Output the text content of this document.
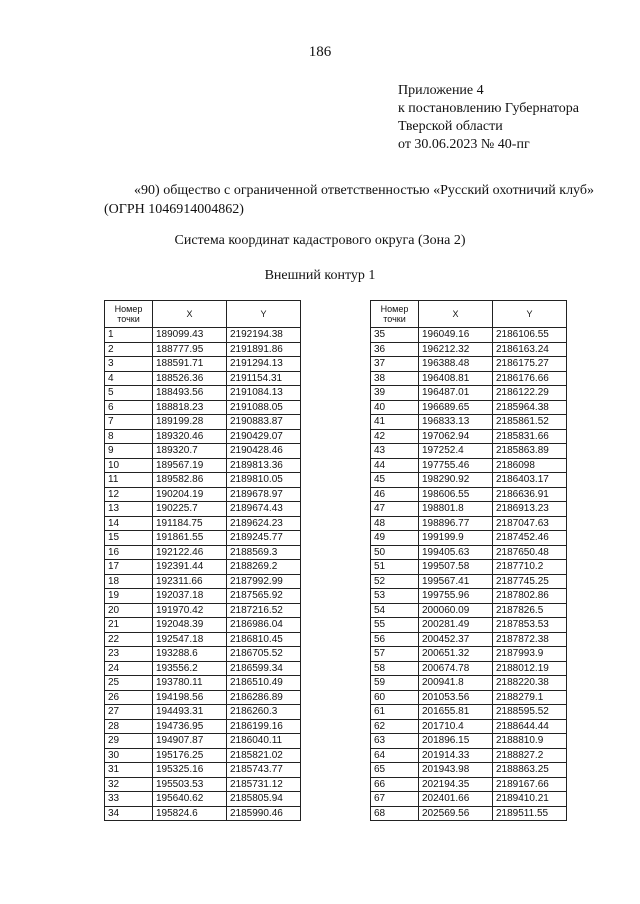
186
Приложение 4
к постановлению Губернатора
Тверской области
от 30.06.2023 № 40-пг
«90) общество с ограниченной ответственностью «Русский охотничий клуб» (ОГРН 1046914004862)
Система координат кадастрового округа (Зона 2)
Внешний контур 1
Номер
точки	X	Y
1	189099.43	2192194.38
2	188777.95	2191891.86
3	188591.71	2191294.13
4	188526.36	2191154.31
5	188493.56	2191084.13
6	188818.23	2191088.05
7	189199.28	2190883.87
8	189320.46	2190429.07
9	189320.7	2190428.46
10	189567.19	2189813.36
11	189582.86	2189810.05
12	190204.19	2189678.97
13	190225.7	2189674.43
14	191184.75	2189624.23
15	191861.55	2189245.77
16	192122.46	2188569.3
17	192391.44	2188269.2
18	192311.66	2187992.99
19	192037.18	2187565.92
20	191970.42	2187216.52
21	192048.39	2186986.04
22	192547.18	2186810.45
23	193288.6	2186705.52
24	193556.2	2186599.34
25	193780.11	2186510.49
26	194198.56	2186286.89
27	194493.31	2186260.3
28	194736.95	2186199.16
29	194907.87	2186040.11
30	195176.25	2185821.02
31	195325.16	2185743.77
32	195503.53	2185731.12
33	195640.62	2185805.94
34	195824.6	2185990.46
Номер
точки	X	Y
35	196049.16	2186106.55
36	196212.32	2186163.24
37	196388.48	2186175.27
38	196408.81	2186176.66
39	196487.01	2186122.29
40	196689.65	2185964.38
41	196833.13	2185861.52
42	197062.94	2185831.66
43	197252.4	2185863.89
44	197755.46	2186098
45	198290.92	2186403.17
46	198606.55	2186636.91
47	198801.8	2186913.23
48	198896.77	2187047.63
49	199199.9	2187452.46
50	199405.63	2187650.48
51	199507.58	2187710.2
52	199567.41	2187745.25
53	199755.96	2187802.86
54	200060.09	2187826.5
55	200281.49	2187853.53
56	200452.37	2187872.38
57	200651.32	2187993.9
58	200674.78	2188012.19
59	200941.8	2188220.38
60	201053.56	2188279.1
61	201655.81	2188595.52
62	201710.4	2188644.44
63	201896.15	2188810.9
64	201914.33	2188827.2
65	201943.98	2188863.25
66	202194.35	2189167.66
67	202401.66	2189410.21
68	202569.56	2189511.55
